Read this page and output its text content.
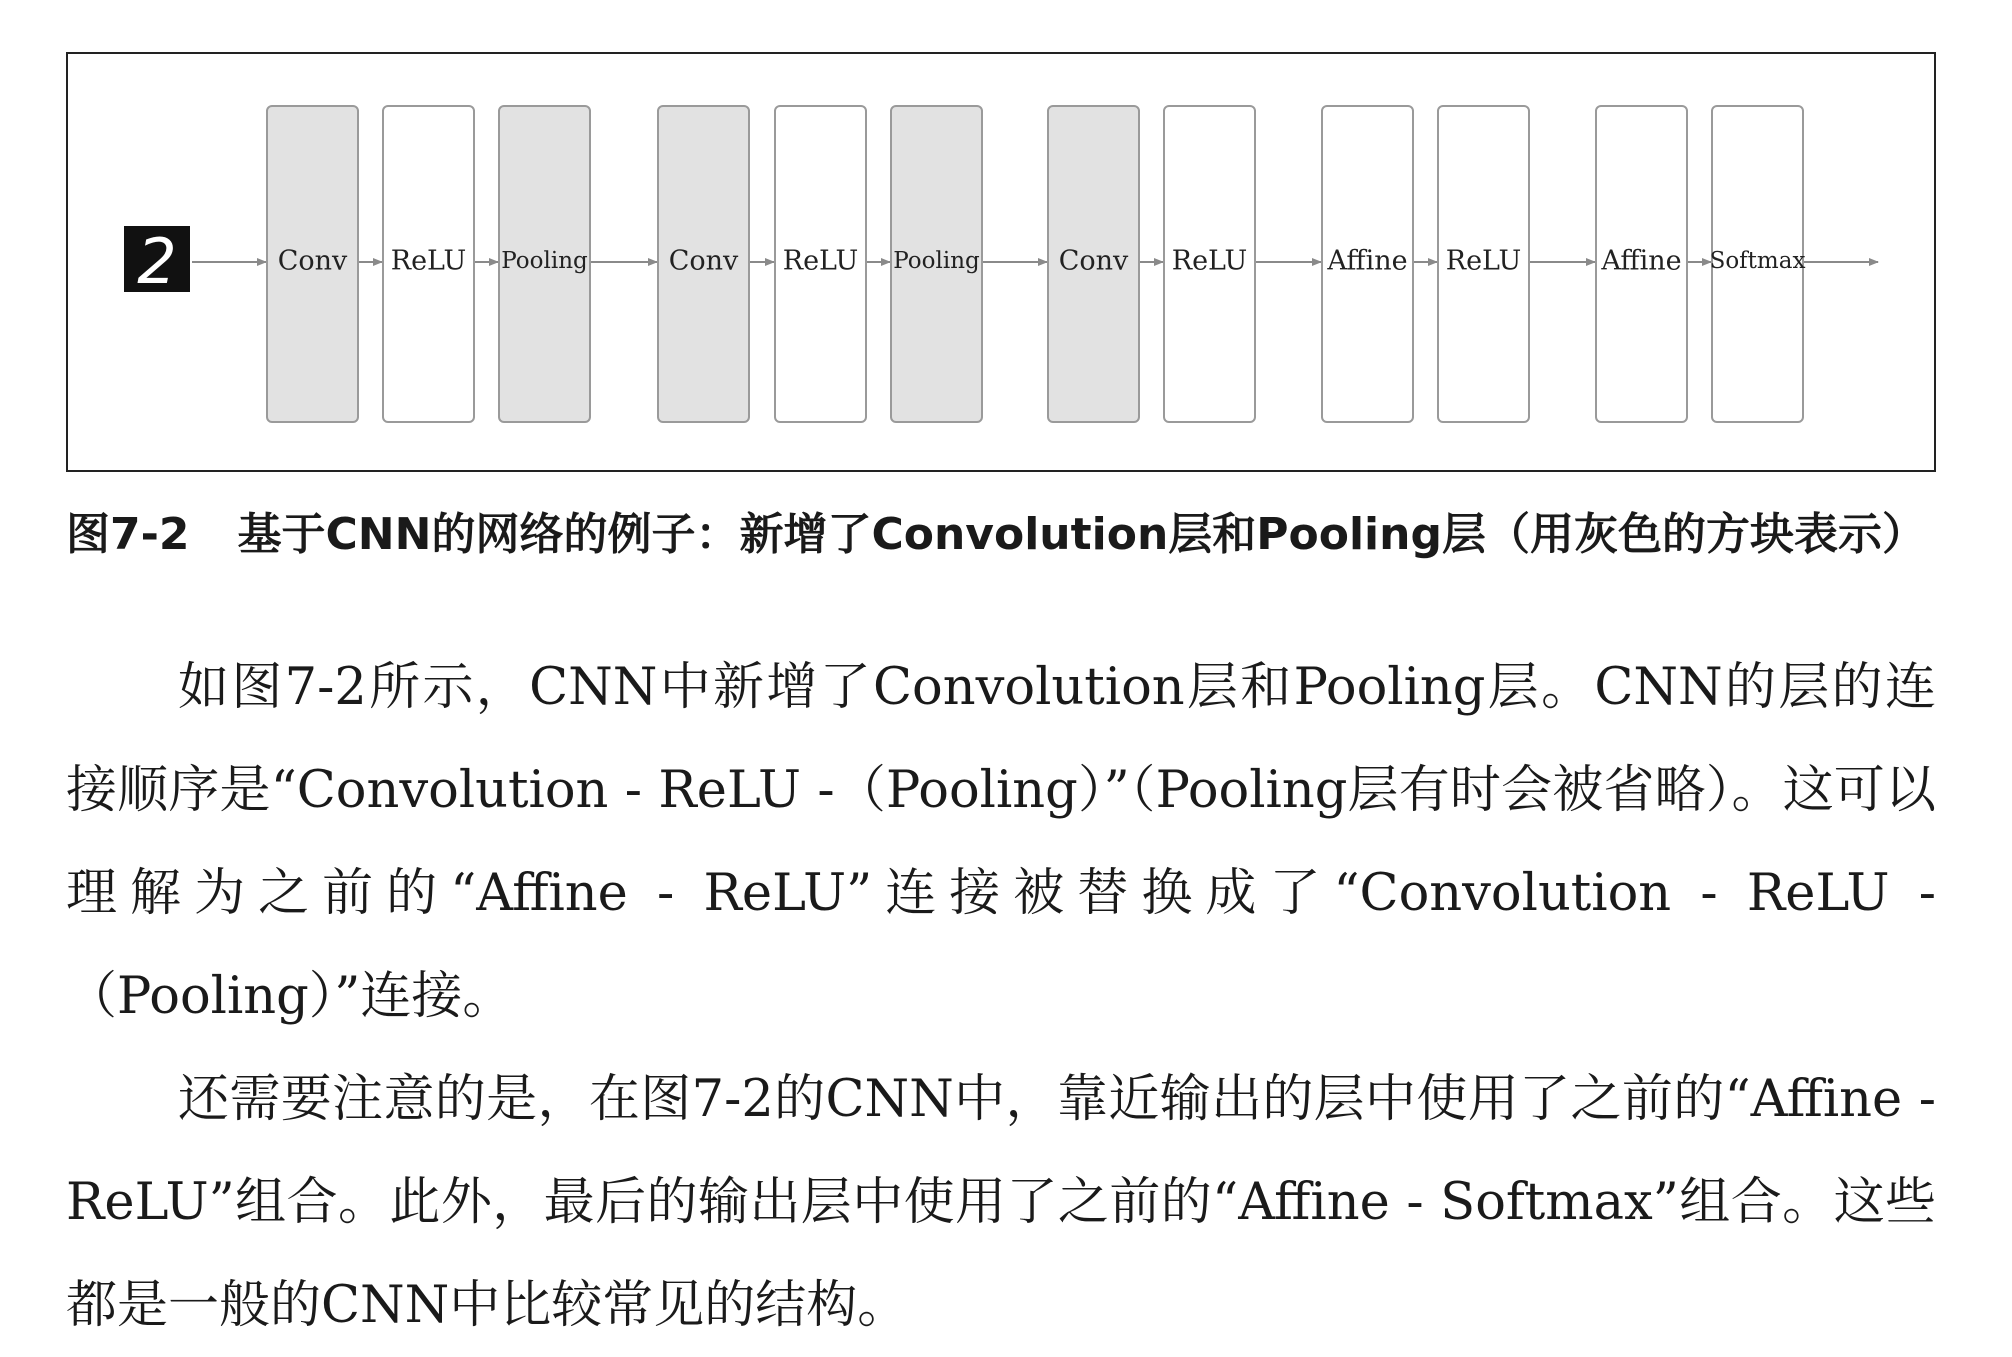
2	Conv ReLU Pooling	Conv ReLU Pooling	Conv ReLU	Affine ReLU	Affine Softmax
图7-2 基于CNN的网络的例子：新增了Convolution层和Pooling层（用灰色的方块表示）

如图7-2所示，CNN中新增了Convolution层和Pooling层。CNN的层的连接顺序是“Convolution - ReLU -（Pooling）”（Pooling层有时会被省略）。这可以理解为之前的“Affine - ReLU”连接被替换成了“Convolution - ReLU -（Pooling）”连接。

还需要注意的是，在图7-2的CNN中，靠近输出的层中使用了之前的“Affine - ReLU”组合。此外，最后的输出层中使用了之前的“Affine - Softmax”组合。这些都是一般的CNN中比较常见的结构。
